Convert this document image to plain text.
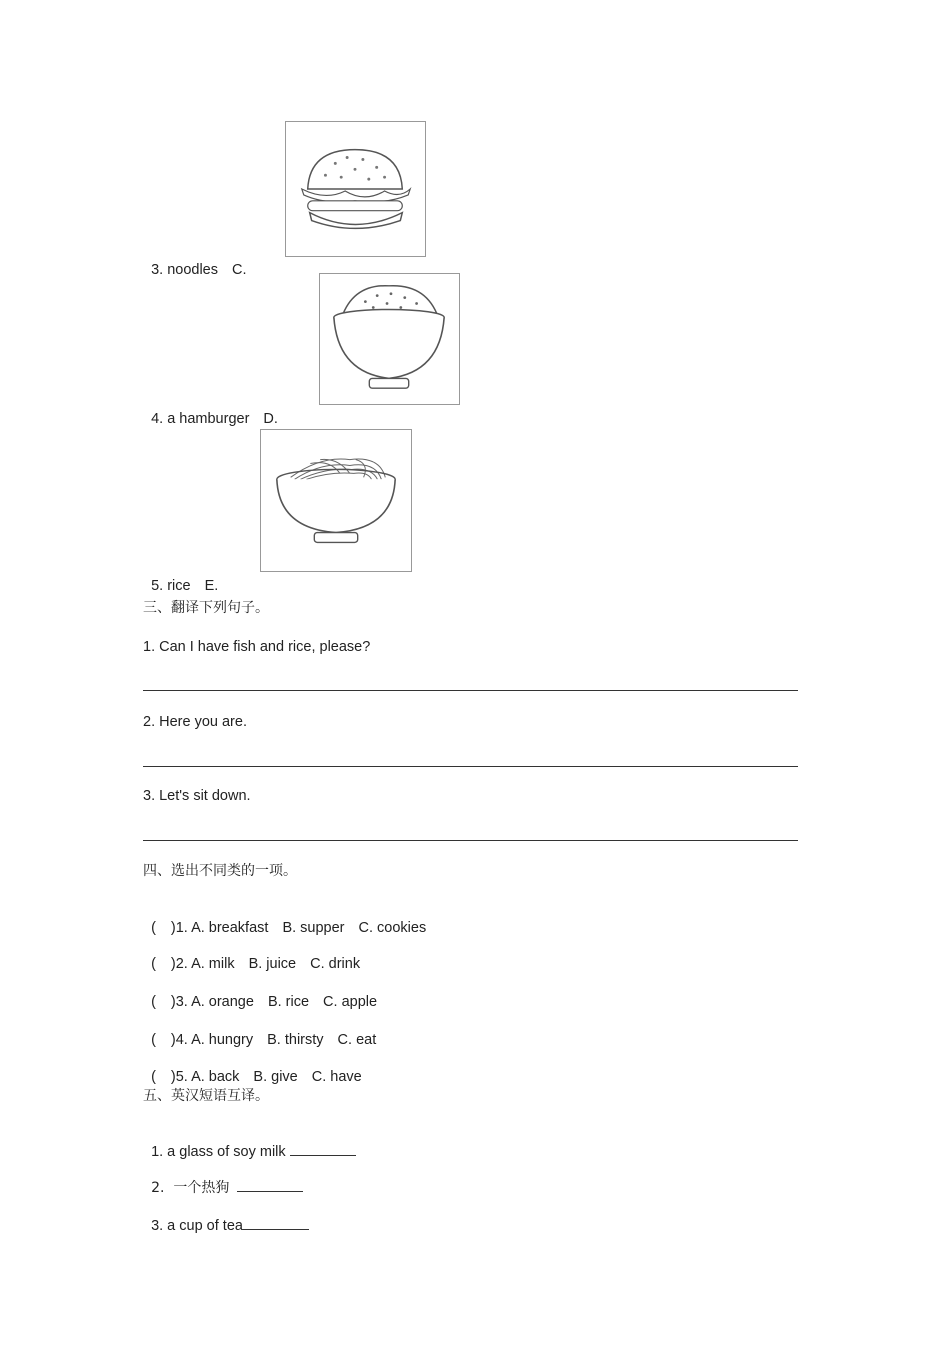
3. noodles C.

4. a hamburger D.

5. rice E.

三、翻译下列句子。
1. Can I have fish and rice, please?
2. Here you are.
3. Let's sit down.
四、选出不同类的一项。

( )1. A. breakfast B. supper C. cookies

( )2. A. milk B. juice C. drink

( )3. A. orange B. rice C. apple

( )4. A. hungry B. thirsty C. eat

( )5. A. back B. give C. have

五、英汉短语互译。

1. a glass of soy milk

2.  一个热狗

3. a cup of tea
